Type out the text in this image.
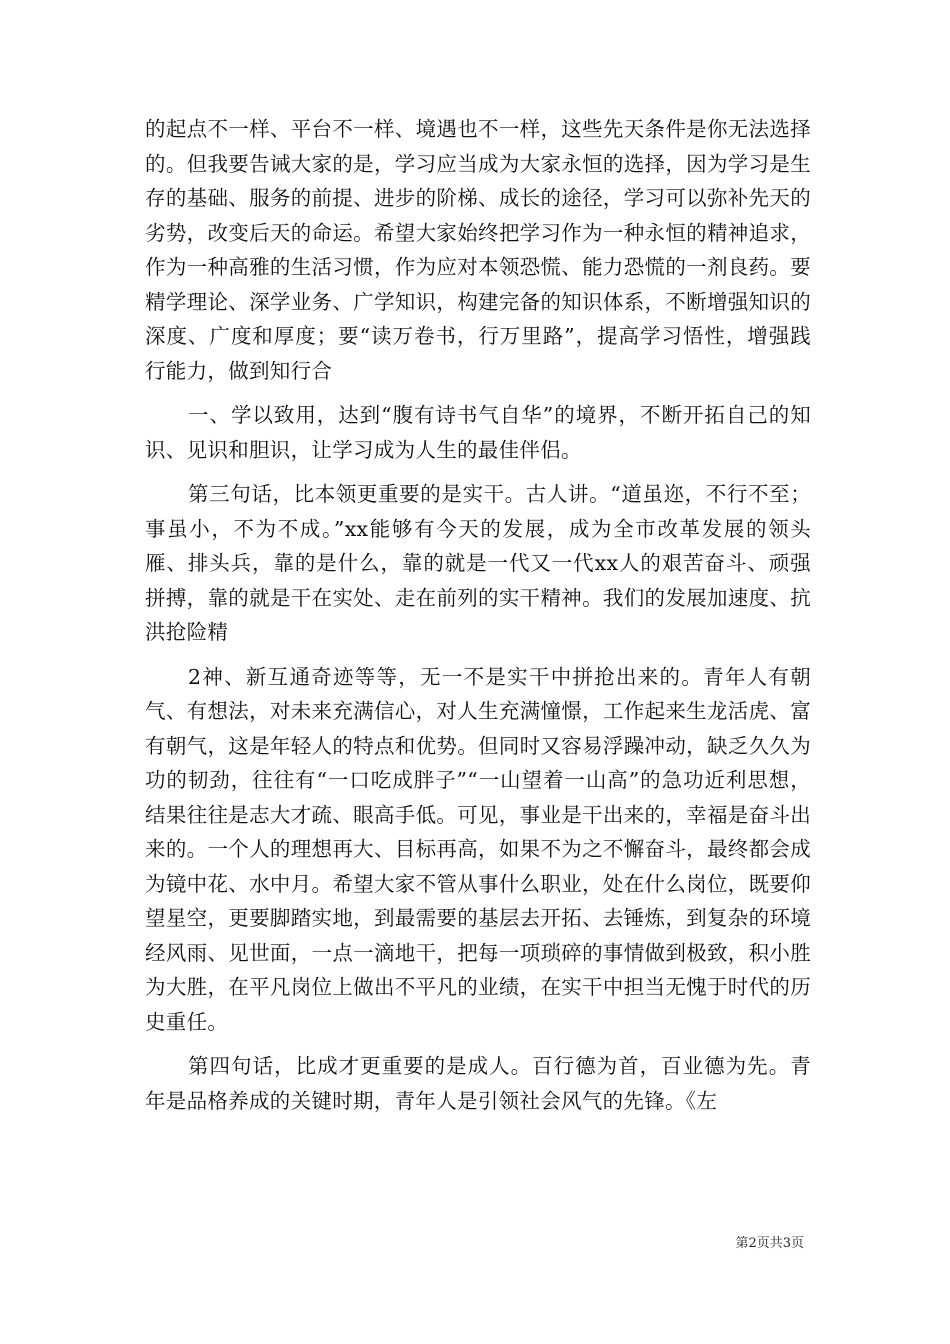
的起点不一样、平台不一样、境遇也不一样，这些先天条件是你无法选择的。但我要告诫大家的是，学习应当成为大家永恒的选择，因为学习是生存的基础、服务的前提、进步的阶梯、成长的途径，学习可以弥补先天的劣势，改变后天的命运。希望大家始终把学习作为一种永恒的精神追求，作为一种高雅的生活习惯，作为应对本领恐慌、能力恐慌的一剂良药。要精学理论、深学业务、广学知识，构建完备的知识体系，不断增强知识的深度、广度和厚度；要“读万卷书，行万里路”，提高学习悟性，增强践行能力，做到知行合

一、学以致用，达到“腹有诗书气自华”的境界，不断开拓自己的知识、见识和胆识，让学习成为人生的最佳伴侣。

第三句话，比本领更重要的是实干。古人讲。“道虽迩，不行不至；事虽小，不为不成。”xx能够有今天的发展，成为全市改革发展的领头雁、排头兵，靠的是什么，靠的就是一代又一代xx人的艰苦奋斗、顽强拼搏，靠的就是干在实处、走在前列的实干精神。我们的发展加速度、抗洪抢险精

2神、新互通奇迹等等，无一不是实干中拼抢出来的。青年人有朝气、有想法，对未来充满信心，对人生充满憧憬，工作起来生龙活虎、富有朝气，这是年轻人的特点和优势。但同时又容易浮躁冲动，缺乏久久为功的韧劲，往往有“一口吃成胖子”“一山望着一山高”的急功近利思想，结果往往是志大才疏、眼高手低。可见，事业是干出来的，幸福是奋斗出来的。一个人的理想再大、目标再高，如果不为之不懈奋斗，最终都会成为镜中花、水中月。希望大家不管从事什么职业，处在什么岗位，既要仰望星空，更要脚踏实地，到最需要的基层去开拓、去锤炼，到复杂的环境经风雨、见世面，一点一滴地干，把每一项琐碎的事情做到极致，积小胜为大胜，在平凡岗位上做出不平凡的业绩，在实干中担当无愧于时代的历史重任。

第四句话，比成才更重要的是成人。百行德为首，百业德为先。青年是品格养成的关键时期，青年人是引领社会风气的先锋。《左

第2页共3页
